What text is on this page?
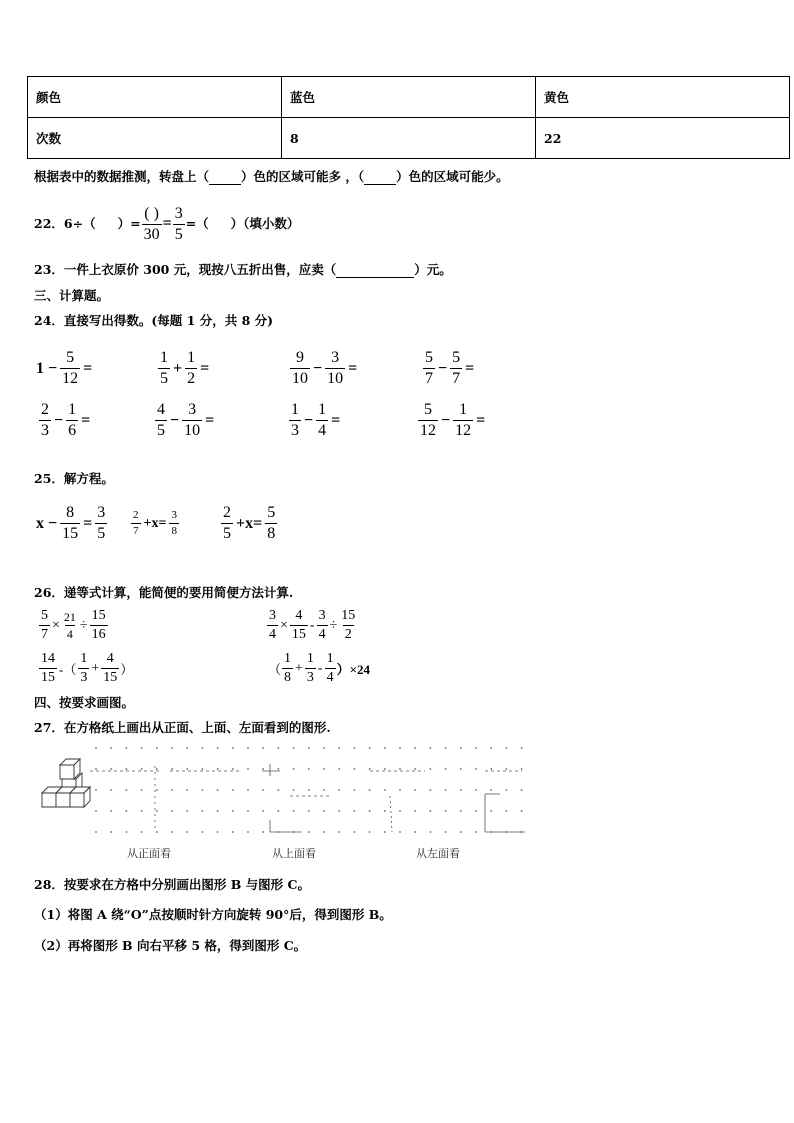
颜色	蓝色	黄色
次数	8	22
根据表中的数据推测，转盘上（	）色的区域可能多 ，（	）色的区域可能少。
22． 6÷（ ）= $\frac{( )}{30} = \frac{3}{5}$ =（ ）（填小数）
23．一件上衣原价 300 元，现按八五折出售，应卖（	）元。
三、计算题。
24．直接写出得数。(每题 1 分，共 8 分)
$1 - \frac{5}{12}$ =	$\frac{1}{5} + \frac{1}{2}$ =	$\frac{9}{10} - \frac{3}{10}$ =	$\frac{5}{7} - \frac{5}{7}$ =
$\frac{2}{3} - \frac{1}{6}$ =	$\frac{4}{5} - \frac{3}{10}$ =	$\frac{1}{3} - \frac{1}{4}$ =	$\frac{5}{12} - \frac{1}{12}$ =
25．解方程。
$x - \frac{8}{15} = \frac{3}{5} \frac{2}{7} +x= \frac{3}{8}$	$\frac{2}{5} +x= \frac{5}{8}$
26．递等式计算，能简便的要用简便方法计算.
$\frac{5}{7} \times \frac{21}{4} \div \frac{15}{16}$	$\frac{3}{4} \times \frac{4}{15} - \frac{3}{4} \div \frac{15}{2}$
$\frac{14}{15}$ -（ $\frac{1}{3} + \frac{4}{15}$ ）	（ $\frac{1}{8} + \frac{1}{3} - \frac{1}{4} )\times 24$
四、按要求画图。
27．在方格纸上画出从正面、上面、左面看到的图形.
从正面看	从上面看	从左面看
28．按要求在方格中分别画出图形 B 与图形 C。
（1）将图 A 绕“O”点按顺时针方向旋转 90°后，得到图形 B。
（2）再将图形 B 向右平移 5 格，得到图形 C。
